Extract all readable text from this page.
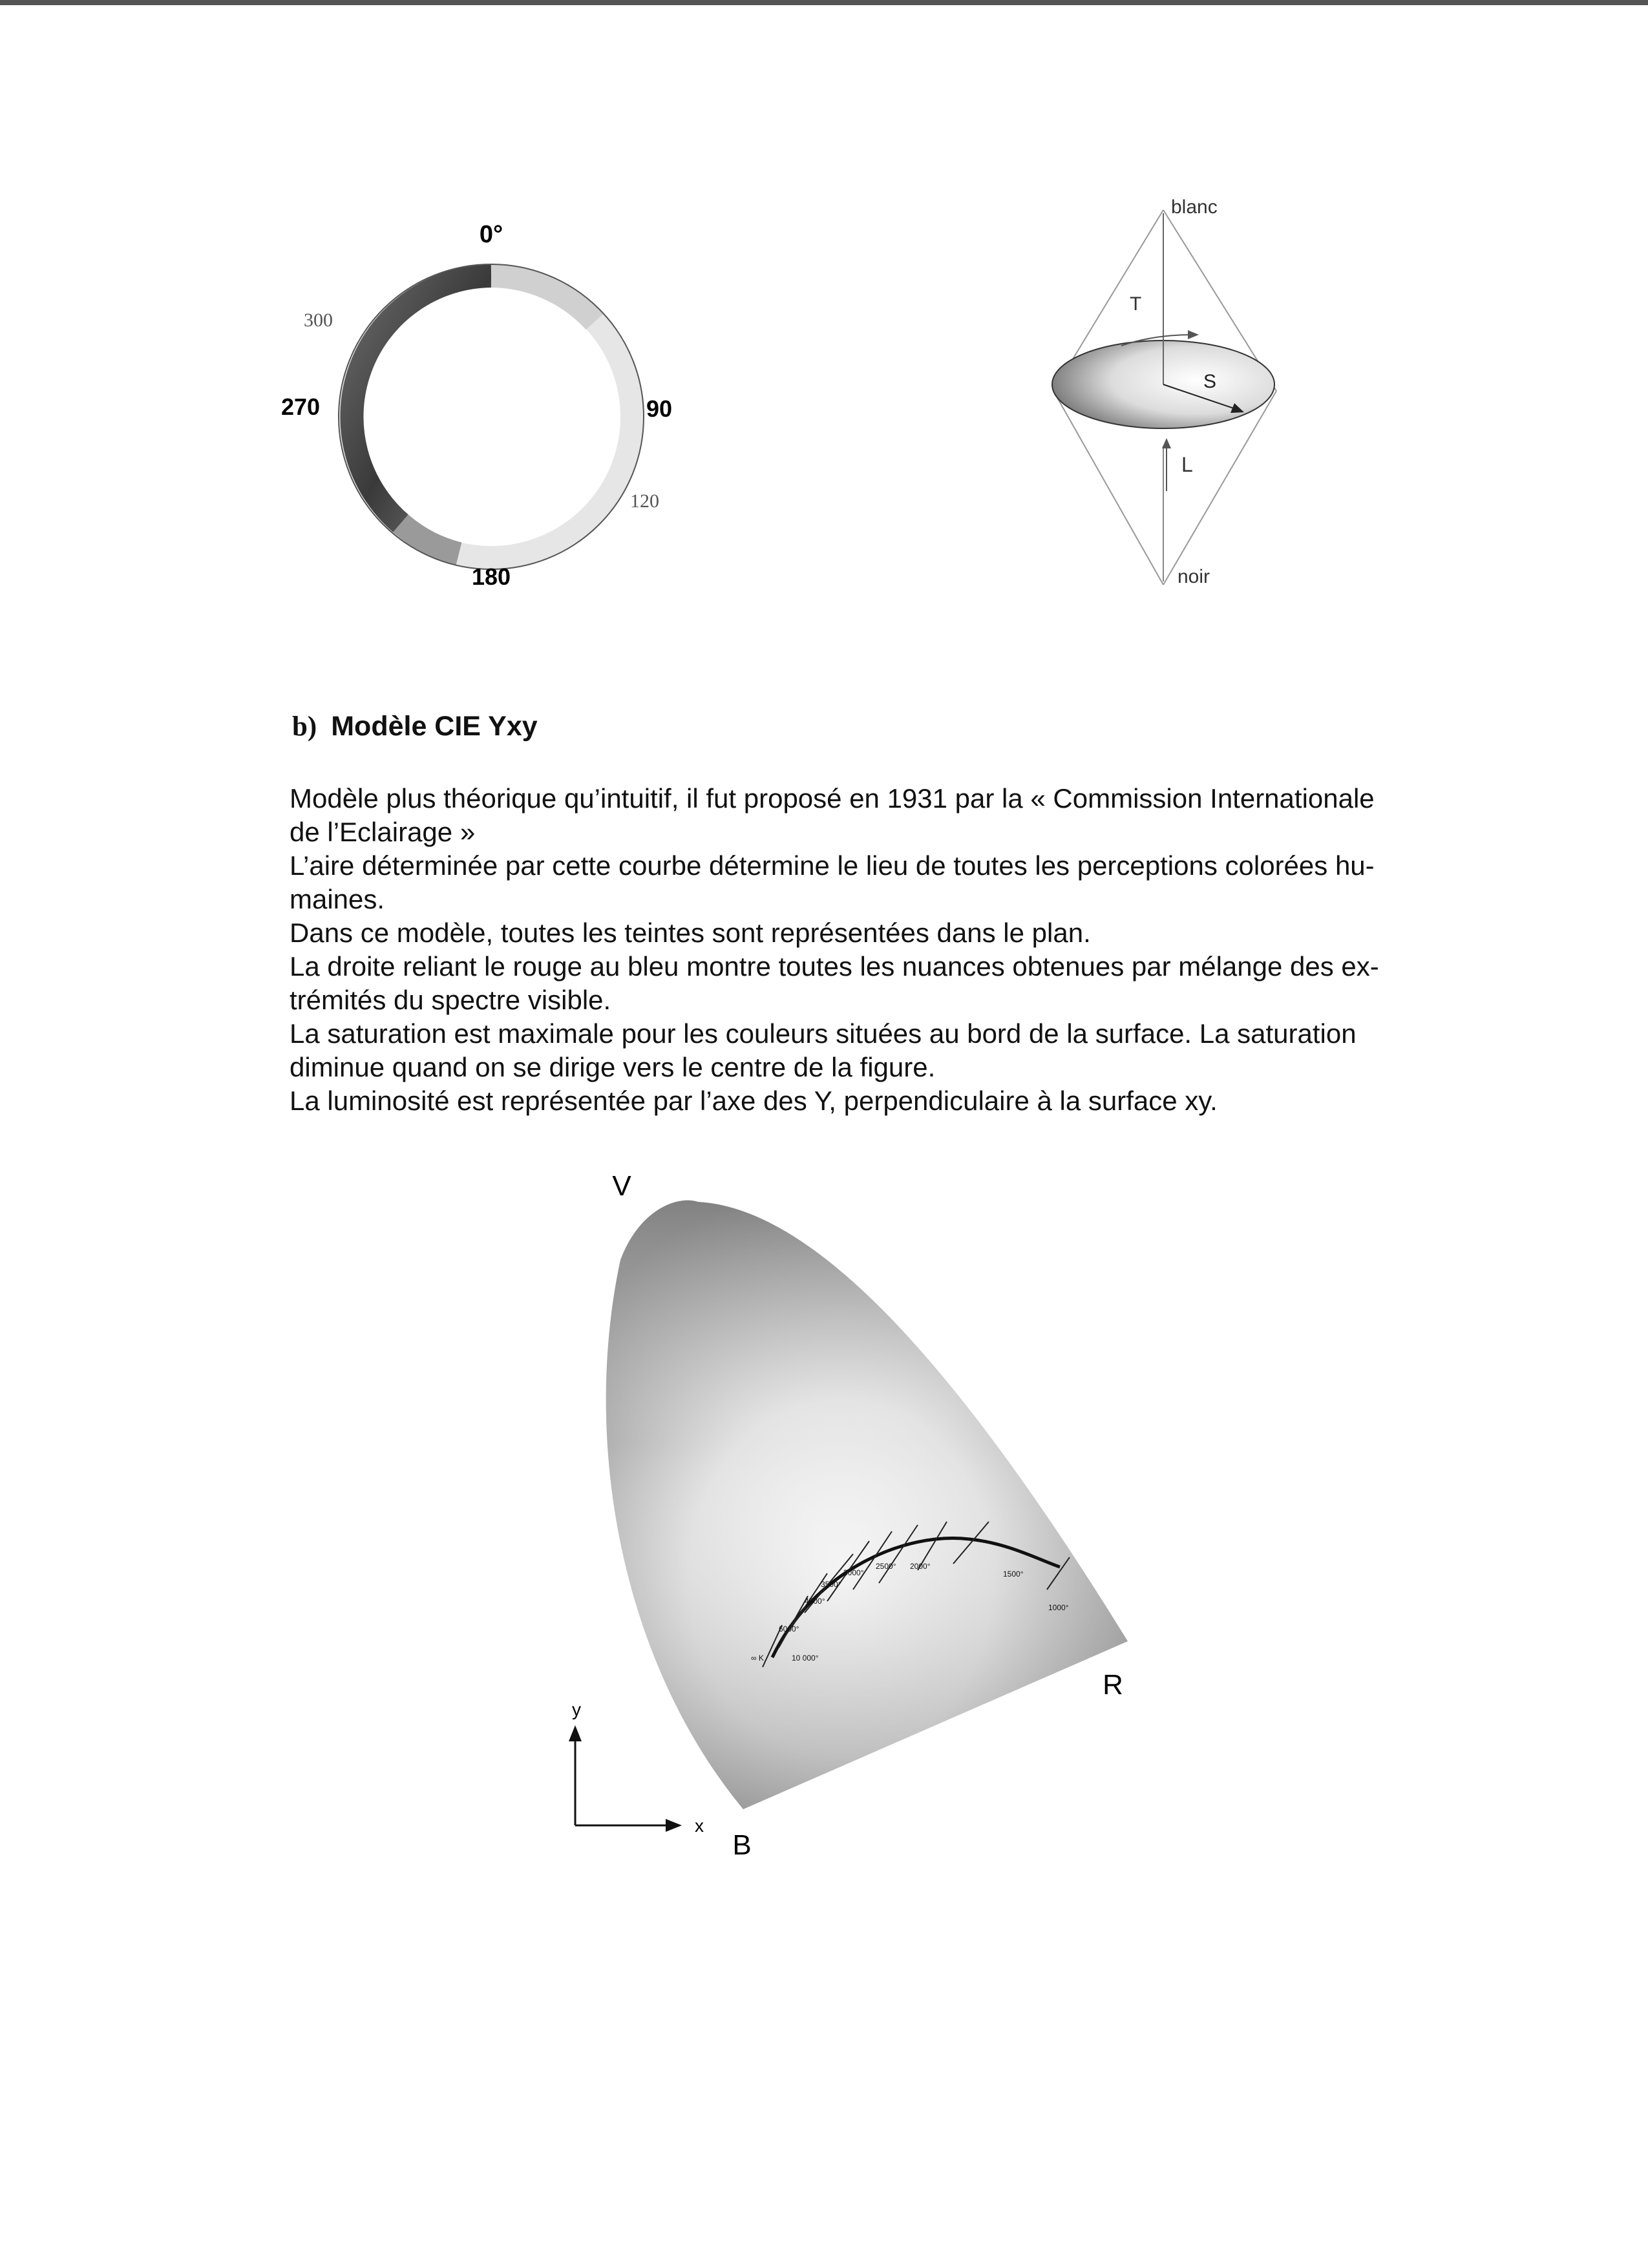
0°
300
270	90
120
180
blanc
noir
T
S
L
b) Modèle CIE Yxy

Modèle plus théorique qu’intuitif, il fut proposé en 1931 par la « Commission Internationale
de l’Eclairage »

L’aire déterminée par cette courbe détermine le lieu de toutes les perceptions colorées hu-
maines.

Dans ce modèle, toutes les teintes sont représentées dans le plan.

La droite reliant le rouge au bleu montre toutes les nuances obtenues par mélange des ex-
trémités du spectre visible.

La saturation est maximale pour les couleurs situées au bord de la surface. La saturation
diminue quand on se dirige vers le centre de la figure.

La luminosité est représentée par l’axe des Y, perpendiculaire à la surface xy.

∞ K	10 000°
6000°
4500°
3500°
3000°
2500° 2000°
1500°
1000°
V
R
B
y
x
